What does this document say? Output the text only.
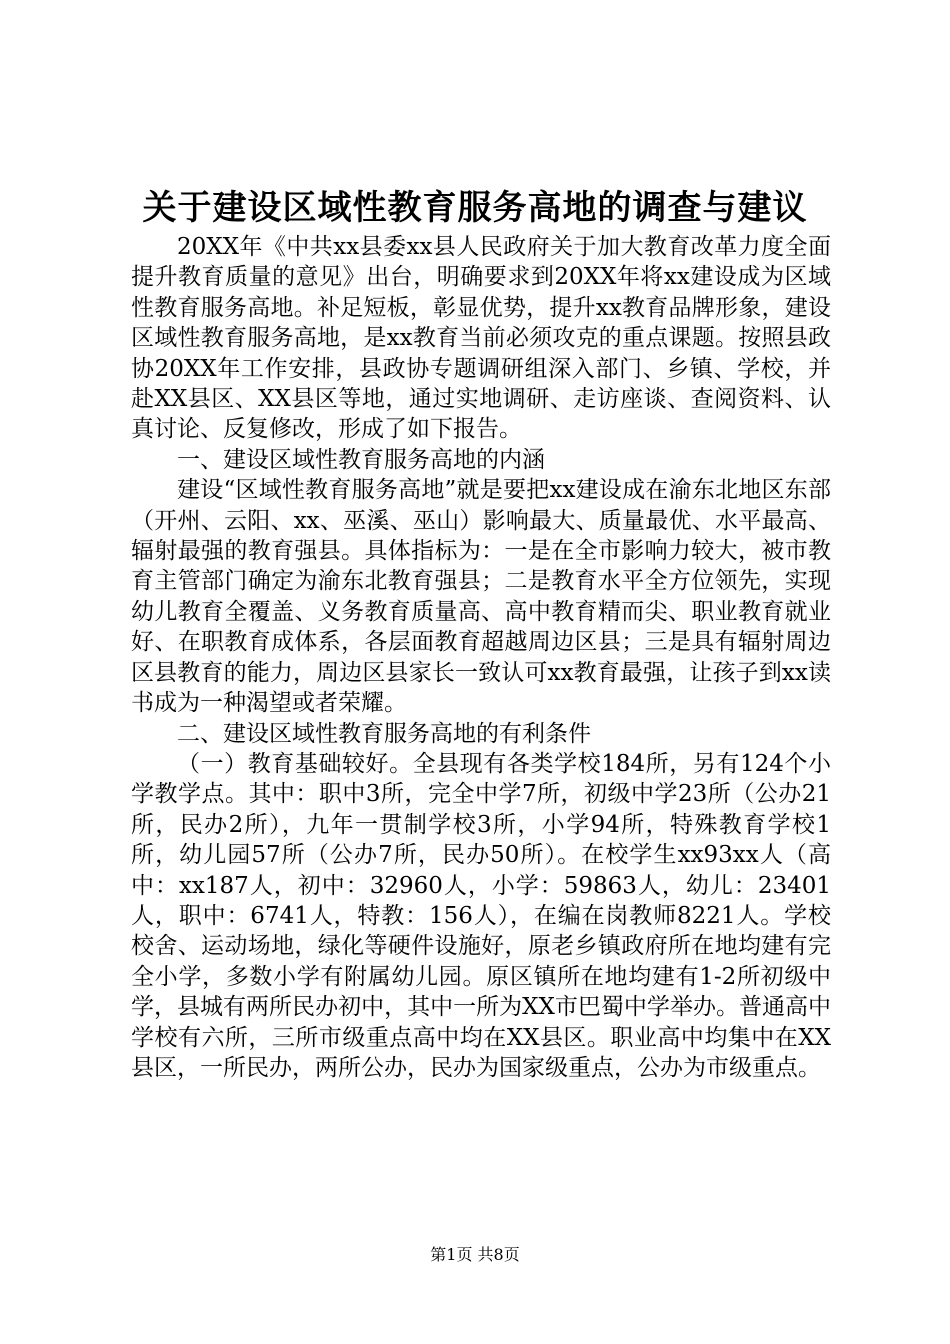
关于建设区域性教育服务高地的调查与建议

20XX年《中共xx县委xx县人民政府关于加大教育改革力度全面提升教育质量的意见》出台，明确要求到20XX年将xx建设成为区域性教育服务高地。补足短板，彰显优势，提升xx教育品牌形象，建设区域性教育服务高地，是xx教育当前必须攻克的重点课题。按照县政协20XX年工作安排，县政协专题调研组深入部门、乡镇、学校，并赴XX县区、XX县区等地，通过实地调研、走访座谈、查阅资料、认真讨论、反复修改，形成了如下报告。

一、建设区域性教育服务高地的内涵

建设“区域性教育服务高地”就是要把xx建设成在渝东北地区东部（开州、云阳、xx、巫溪、巫山）影响最大、质量最优、水平最高、辐射最强的教育强县。具体指标为：一是在全市影响力较大，被市教育主管部门确定为渝东北教育强县；二是教育水平全方位领先，实现幼儿教育全覆盖、义务教育质量高、高中教育精而尖、职业教育就业好、在职教育成体系，各层面教育超越周边区县；三是具有辐射周边区县教育的能力，周边区县家长一致认可xx教育最强，让孩子到xx读书成为一种渴望或者荣耀。

二、建设区域性教育服务高地的有利条件

（一）教育基础较好。全县现有各类学校184所，另有124个小学教学点。其中：职中3所，完全中学7所，初级中学23所（公办21所，民办2所），九年一贯制学校3所，小学94所，特殊教育学校1所，幼儿园57所（公办7所，民办50所）。在校学生xx93xx人（高中：xx187人，初中：32960人，小学：59863人，幼儿：23401人，职中：6741人，特教：156人），在编在岗教师8221人。学校校舍、运动场地，绿化等硬件设施好，原老乡镇政府所在地均建有完全小学，多数小学有附属幼儿园。原区镇所在地均建有1-2所初级中学，县城有两所民办初中，其中一所为XX市巴蜀中学举办。普通高中学校有六所，三所市级重点高中均在XX县区。职业高中均集中在XX县区，一所民办，两所公办，民办为国家级重点，公办为市级重点。

第1页 共8页
